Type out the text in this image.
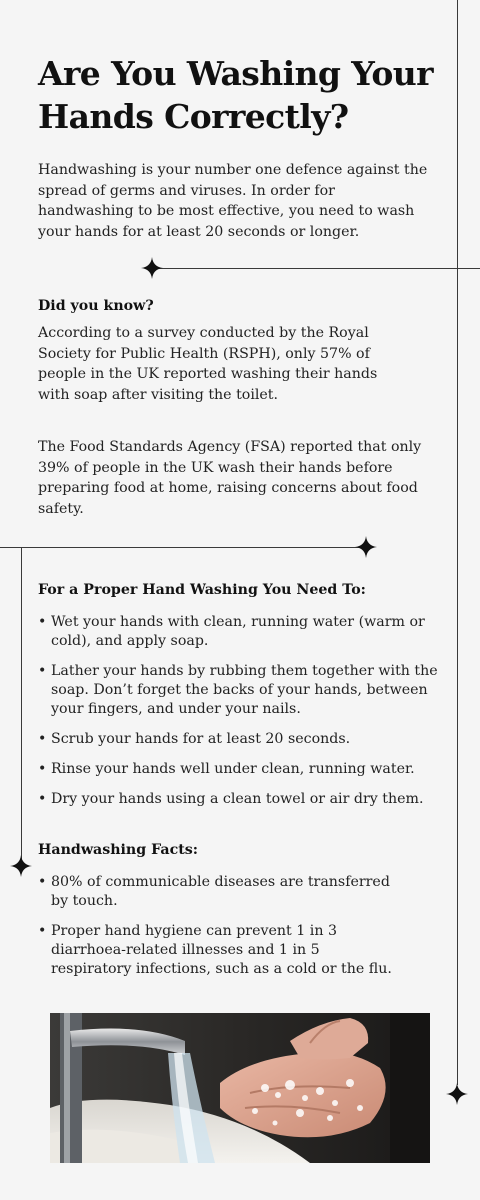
Are You Washing Your Hands Correctly?

Handwashing is your number one defence against the spread of germs and viruses. In order for handwashing to be most effective, you need to wash your hands for at least 20 seconds or longer.

Did you know?

According to a survey conducted by the Royal Society for Public Health (RSPH), only 57% of people in the UK reported washing their hands with soap after visiting the toilet.

The Food Standards Agency (FSA) reported that only 39% of people in the UK wash their hands before preparing food at home, raising concerns about food safety.

For a Proper Hand Washing You Need To:
• Wet your hands with clean, running water (warm or cold), and apply soap.
• Lather your hands by rubbing them together with the soap. Don’t forget the backs of your hands, between your fingers, and under your nails.
• Scrub your hands for at least 20 seconds.
• Rinse your hands well under clean, running water.
• Dry your hands using a clean towel or air dry them.
Handwashing Facts:
• 80% of communicable diseases are transferred by touch.
• Proper hand hygiene can prevent 1 in 3 diarrhoea-related illnesses and 1 in 5 respiratory infections, such as a cold or the flu.
